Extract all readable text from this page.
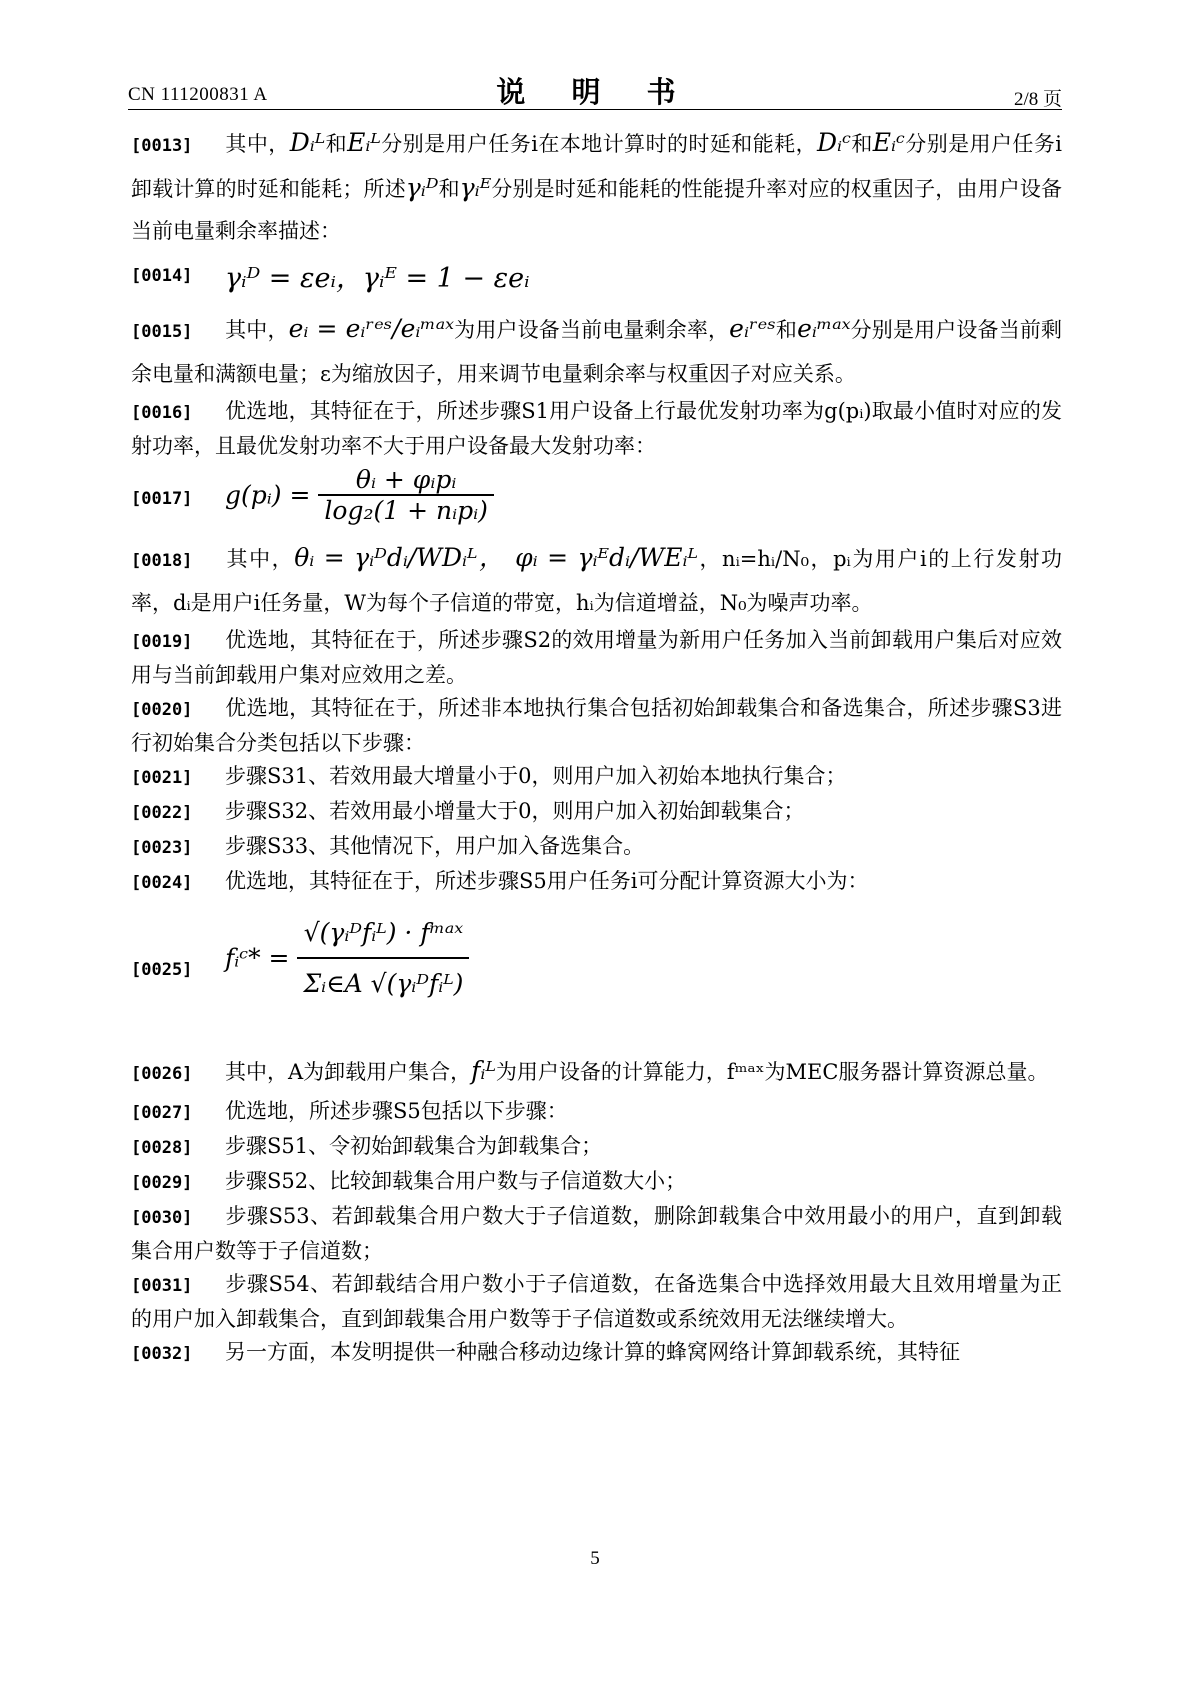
CN 111200831 A	说 明 书	2/8 页

[0013] 其中，Dᵢᴸ和Eᵢᴸ分别是用户任务i在本地计算时的时延和能耗，Dᵢᶜ和Eᵢᶜ分别是用户任务i卸载计算的时延和能耗；所述γᵢᴰ和γᵢᴱ分别是时延和能耗的性能提升率对应的权重因子，由用户设备当前电量剩余率描述：

[0014]	γᵢᴰ = εeᵢ，γᵢᴱ = 1 − εeᵢ

[0015] 其中，eᵢ = eᵢʳᵉˢ/eᵢᵐᵃˣ为用户设备当前电量剩余率，eᵢʳᵉˢ和eᵢᵐᵃˣ分别是用户设备当前剩余电量和满额电量；ε为缩放因子，用来调节电量剩余率与权重因子对应关系。

[0016] 优选地，其特征在于，所述步骤S1用户设备上行最优发射功率为g(pᵢ)取最小值时对应的发射功率，且最优发射功率不大于用户设备最大发射功率：

[0017]	g(pᵢ) = $\frac{\text{θᵢ + φᵢpᵢ}}{\text{log₂(1 + nᵢpᵢ)}}$

[0018] 其中，θᵢ = γᵢᴰdᵢ/WDᵢᴸ， φᵢ = γᵢᴱdᵢ/WEᵢᴸ，nᵢ=hᵢ/N₀，pᵢ为用户i的上行发射功率，dᵢ是用户i任务量，W为每个子信道的带宽，hᵢ为信道增益，N₀为噪声功率。

[0019] 优选地，其特征在于，所述步骤S2的效用增量为新用户任务加入当前卸载用户集后对应效用与当前卸载用户集对应效用之差。

[0020] 优选地，其特征在于，所述非本地执行集合包括初始卸载集合和备选集合，所述步骤S3进行初始集合分类包括以下步骤：

[0021] 步骤S31、若效用最大增量小于0，则用户加入初始本地执行集合；

[0022] 步骤S32、若效用最小增量大于0，则用户加入初始卸载集合；

[0023] 步骤S33、其他情况下，用户加入备选集合。

[0024] 优选地，其特征在于，所述步骤S5用户任务i可分配计算资源大小为：

[0025]	fᵢᶜ* = $\frac{\text{√(γᵢᴰfᵢᴸ) · fᵐᵃˣ}}{\text{Σᵢ∈A √(γᵢᴰfᵢᴸ)}}$

[0026] 其中，A为卸载用户集合，fᵢᴸ为用户设备的计算能力，fᵐᵃˣ为MEC服务器计算资源总量。

[0027] 优选地，所述步骤S5包括以下步骤：

[0028] 步骤S51、令初始卸载集合为卸载集合；

[0029] 步骤S52、比较卸载集合用户数与子信道数大小；

[0030] 步骤S53、若卸载集合用户数大于子信道数，删除卸载集合中效用最小的用户，直到卸载集合用户数等于子信道数；

[0031] 步骤S54、若卸载结合用户数小于子信道数，在备选集合中选择效用最大且效用增量为正的用户加入卸载集合，直到卸载集合用户数等于子信道数或系统效用无法继续增大。

[0032] 另一方面，本发明提供一种融合移动边缘计算的蜂窝网络计算卸载系统，其特征

5
